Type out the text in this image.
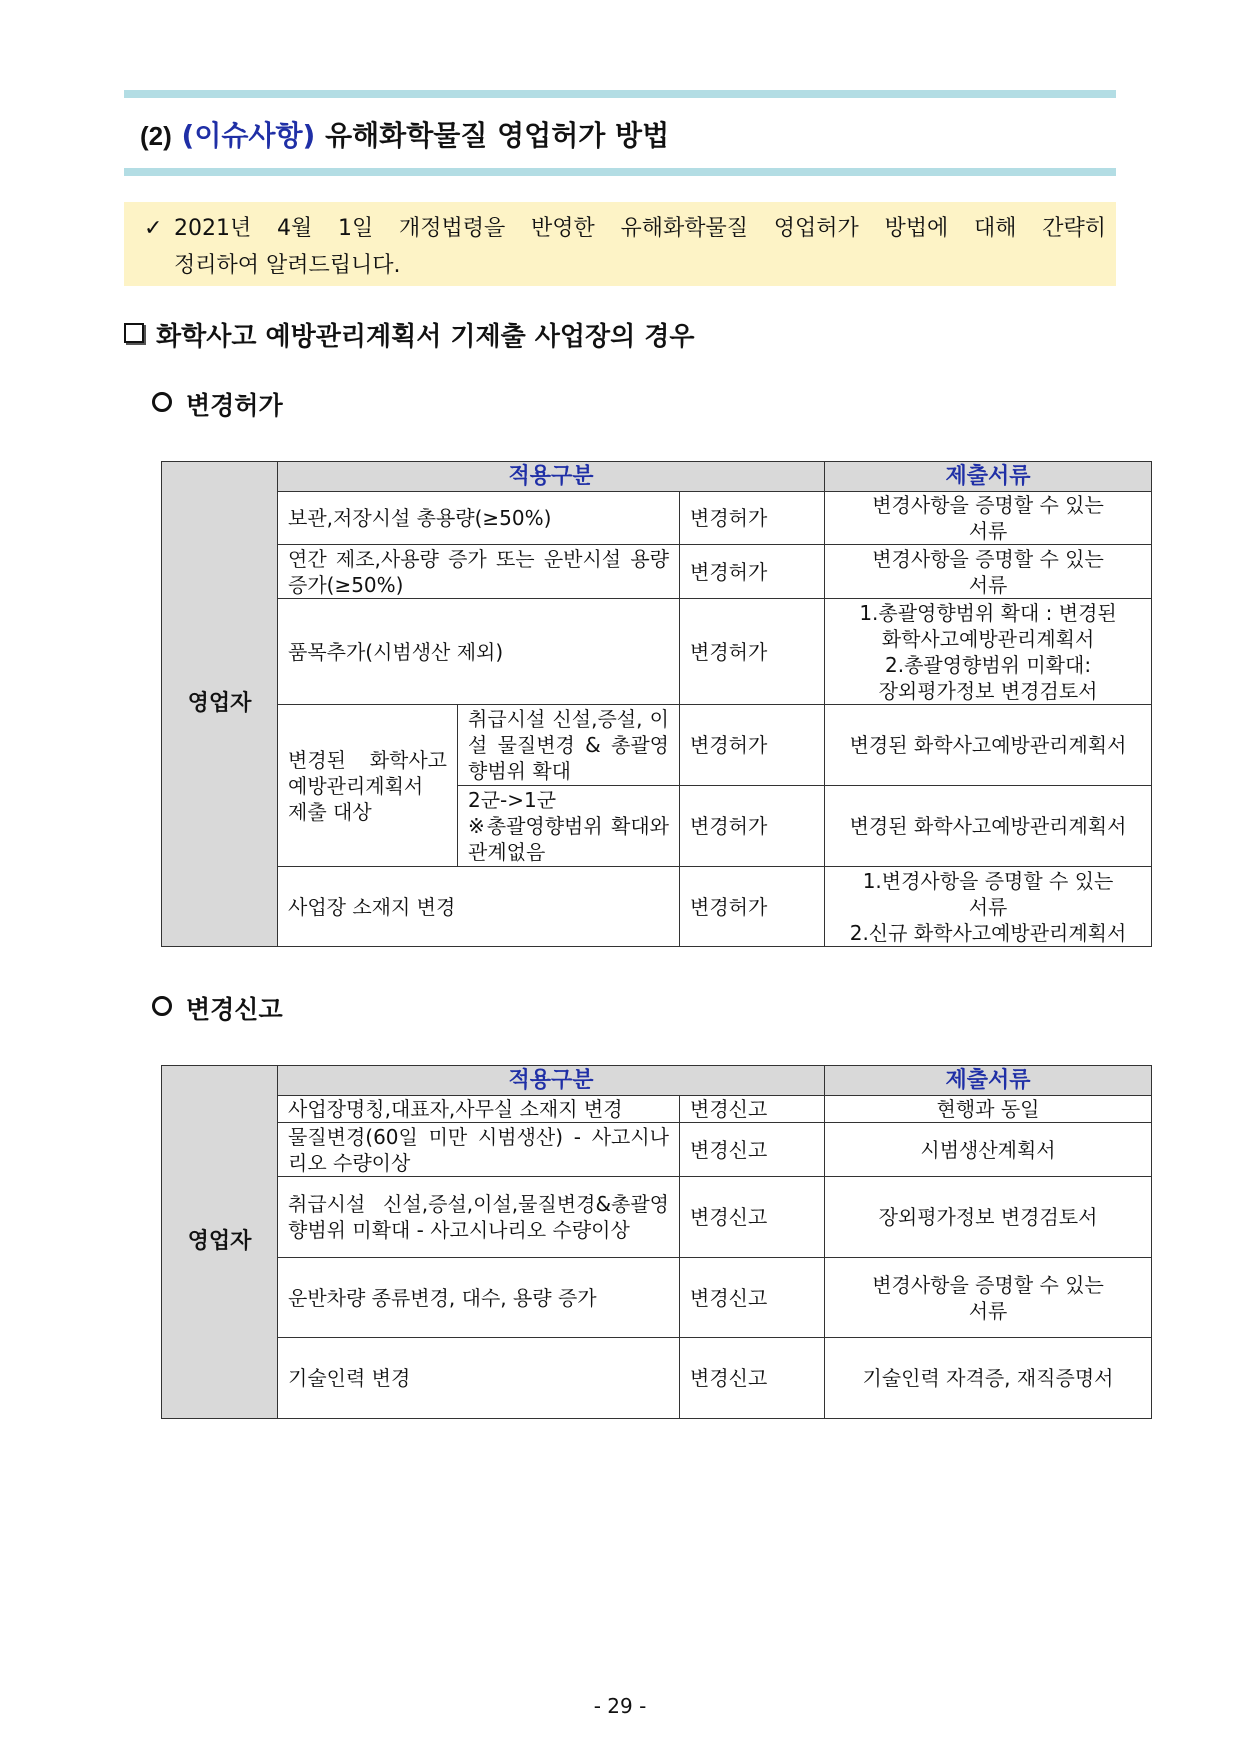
(2) (이슈사항) 유해화학물질 영업허가 방법
✓ 2021년 4월 1일 개정법령을 반영한 유해화학물질 영업허가 방법에 대해 간략히
정리하여 알려드립니다.
화학사고 예방관리계획서 기제출 사업장의 경우
변경허가
영업자	적용구분			제출서류
	보관,저장시설 총용량(≥50%)		변경허가	변경사항을 증명할 수 있는
서류

	연간 제조,사용량 증가 또는 운반시설 용량 증가(≥50%)		변경허가	변경사항을 증명할 수 있는
서류

	품목추가(시범생산 제외)		변경허가	1.총괄영향범위 확대 : 변경된
화학사고예방관리계획서
2.총괄영향범위 미확대:
장외평가정보 변경검토서

	변경된 화학사고 예방관리계획서 제출 대상	취급시설 신설,증설, 이설 물질변경 & 총괄영향범위 확대	변경허가	변경된 화학사고예방관리계획서

		2군->1군
※총괄영향범위 확대와 관계없음	변경허가	변경된 화학사고예방관리계획서

	사업장 소재지 변경		변경허가	1.변경사항을 증명할 수 있는
서류
2.신규 화학사고예방관리계획서
변경신고
영업자	적용구분		제출서류
	사업장명칭,대표자,사무실 소재지 변경	변경신고	현행과 동일

	물질변경(60일 미만 시범생산) - 사고시나리오 수량이상	변경신고	시범생산계획서

	취급시설 신설,증설,이설,물질변경&총괄영향범위 미확대 - 사고시나리오 수량이상	변경신고	장외평가정보 변경검토서

	운반차량 종류변경, 대수, 용량 증가	변경신고	변경사항을 증명할 수 있는
서류

	기술인력 변경	변경신고	기술인력 자격증, 재직증명서
- 29 -
